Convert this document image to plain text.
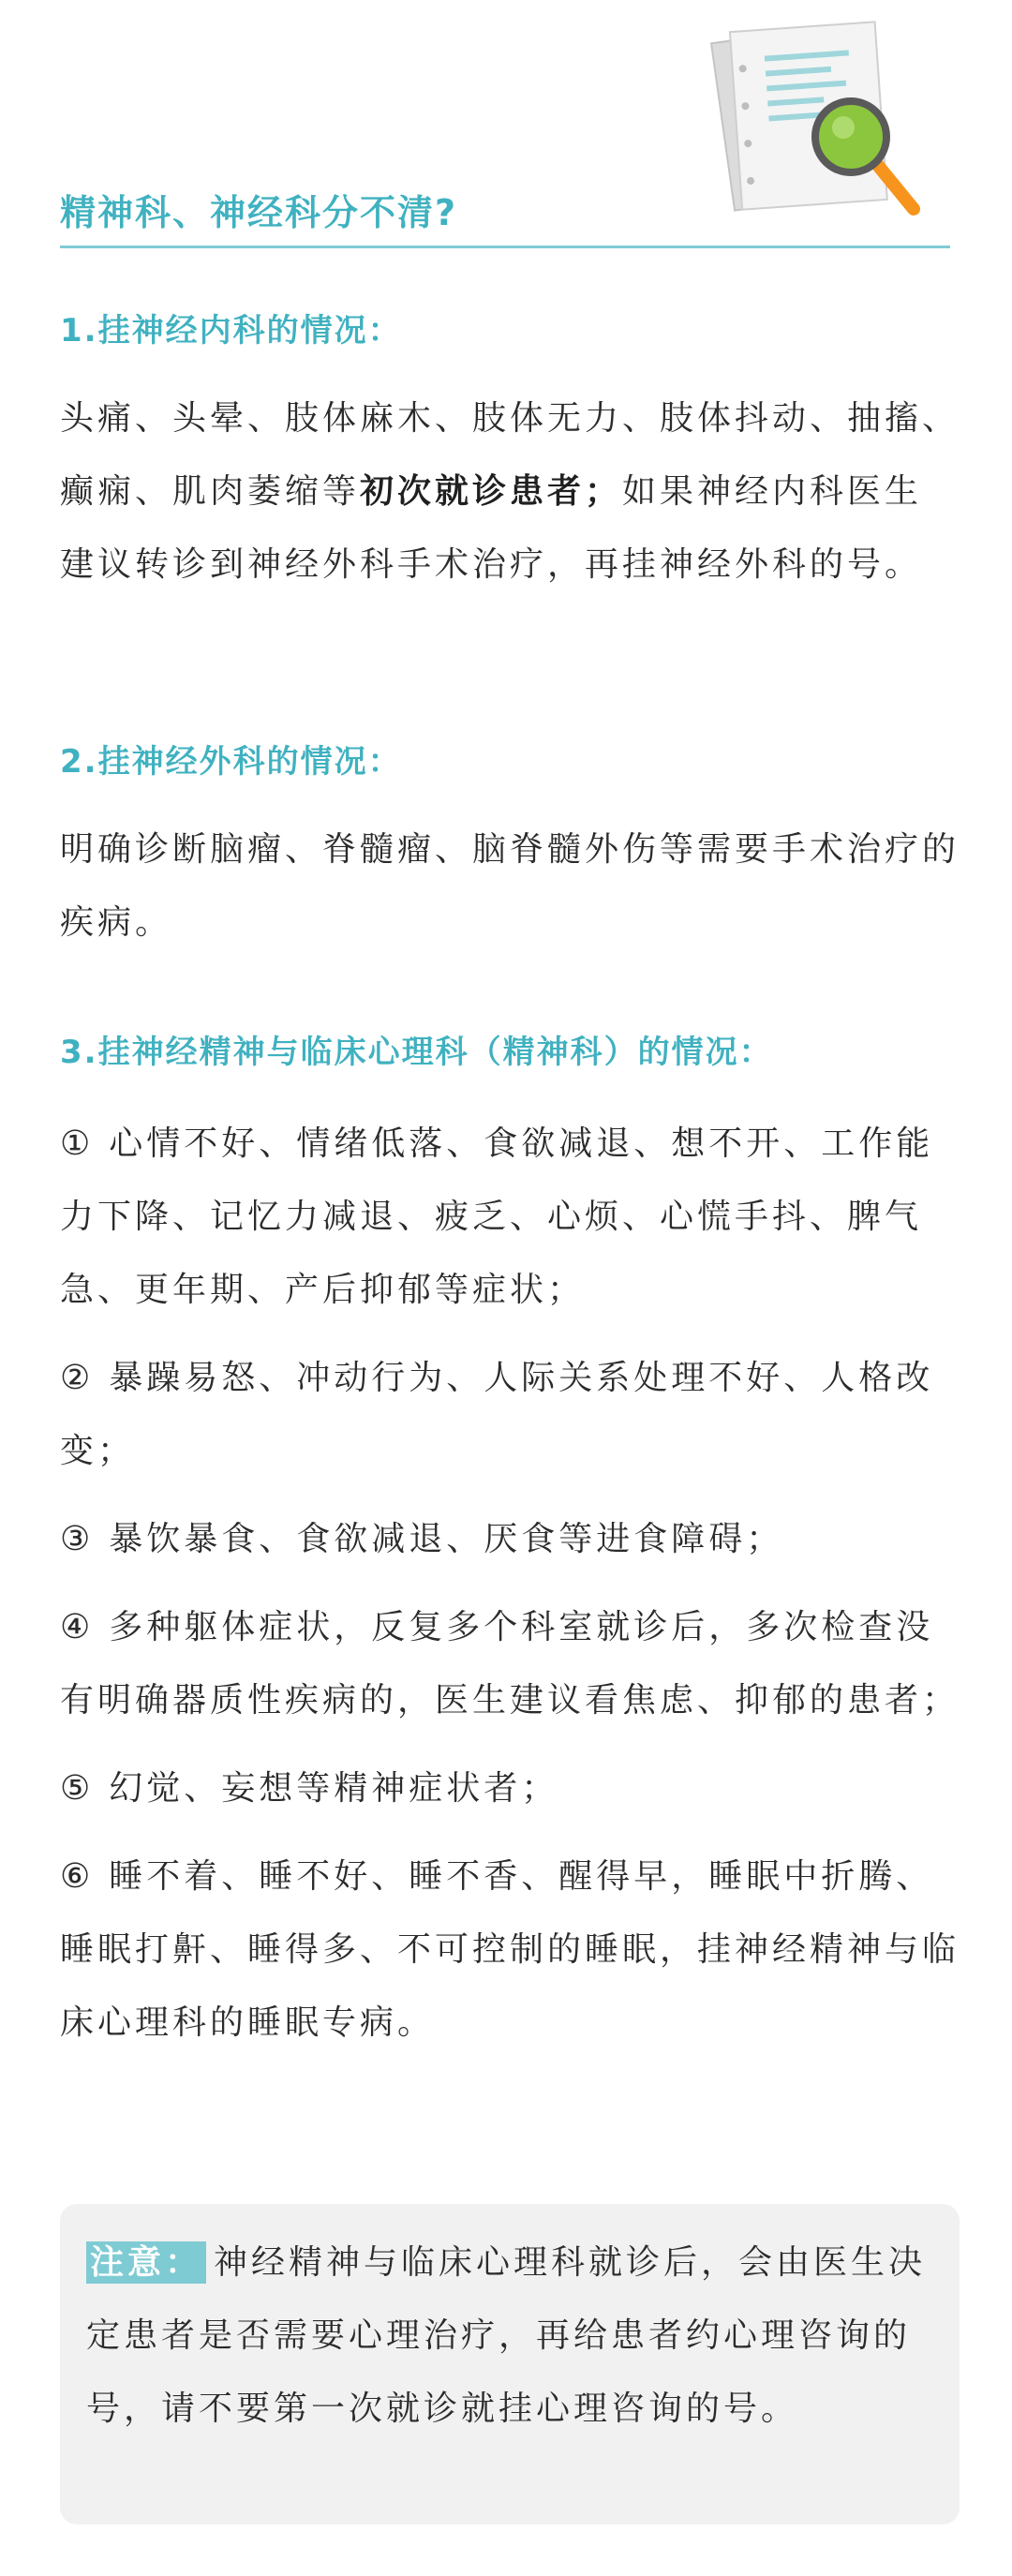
精神科、神经科分不清?
1.挂神经内科的情况：
头痛、头晕、肢体麻木、肢体无力、肢体抖动、抽搐、癫痫、肌肉萎缩等初次就诊患者；如果神经内科医生建议转诊到神经外科手术治疗，再挂神经外科的号。
2.挂神经外科的情况：
明确诊断脑瘤、脊髓瘤、脑脊髓外伤等需要手术治疗的疾病。
3.挂神经精神与临床心理科（精神科）的情况：
① 心情不好、情绪低落、食欲减退、想不开、工作能力下降、记忆力减退、疲乏、心烦、心慌手抖、脾气急、更年期、产后抑郁等症状；
② 暴躁易怒、冲动行为、人际关系处理不好、人格改变；
③ 暴饮暴食、食欲减退、厌食等进食障碍；
④ 多种躯体症状，反复多个科室就诊后，多次检查没有明确器质性疾病的，医生建议看焦虑、抑郁的患者；
⑤ 幻觉、妄想等精神症状者；
⑥ 睡不着、睡不好、睡不香、醒得早，睡眠中折腾、睡眠打鼾、睡得多、不可控制的睡眠，挂神经精神与临床心理科的睡眠专病。
注意： 神经精神与临床心理科就诊后，会由医生决定患者是否需要心理治疗，再给患者约心理咨询的号，请不要第一次就诊就挂心理咨询的号。
